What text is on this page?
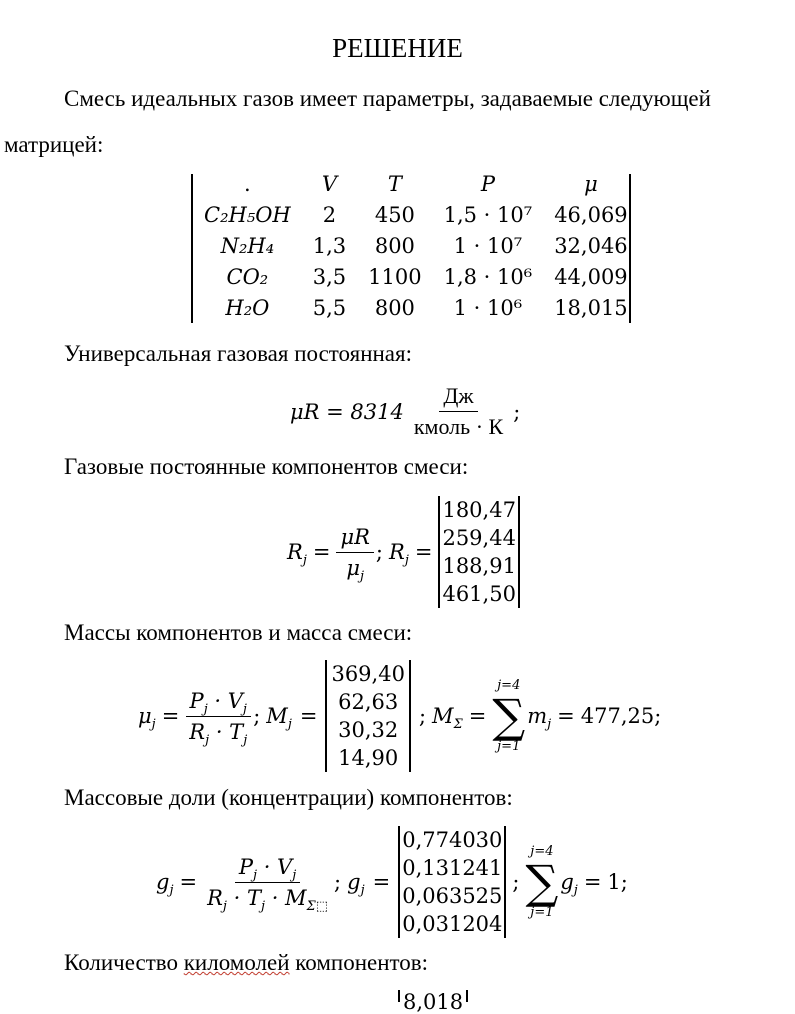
РЕШЕНИЕ
Смесь идеальных газов имеет параметры, задаваемые следующей
матрицей:
.	V	T	P	μ
C₂H₅OH	2	450	1,5 · 10⁷	46,069
N₂H₄	1,3	800	1 · 10⁷	32,046
CO₂	3,5	1100	1,8 · 10⁶	44,009
H₂O	5,5	800	1 · 10⁶	18,015
Универсальная газовая постоянная:
$\mu R = 8314 \frac{Дж}{\text{кмоль · К}}$ ;
Газовые постоянные компонентов смеси:
$R_j = \frac{\mu R}{\mu_j}$ ; $R_j$ =
180,47
259,44
188,91
461,50
Массы компонентов и масса смеси:
$\mu_j = \frac{P_j \cdot V_j}{R_j \cdot T_j}$ ; $M_j$ =
369,40
62,63
30,32
14,90
; $M_\Sigma$ =
j=4
∑
j=1
$m_j = 477,25$ ;
Массовые доли (концентрации) компонентов:
$g_j = \frac{P_j \cdot V_j}{R_j \cdot T_j \cdot M_{\Sigma⬚}}$ ; $g_j$ =
0,774030
0,131241
0,063525
0,031204
;
j=4
∑
j=1
$g_j = 1$ ;
Количество киломолей компонентов:
8,018
